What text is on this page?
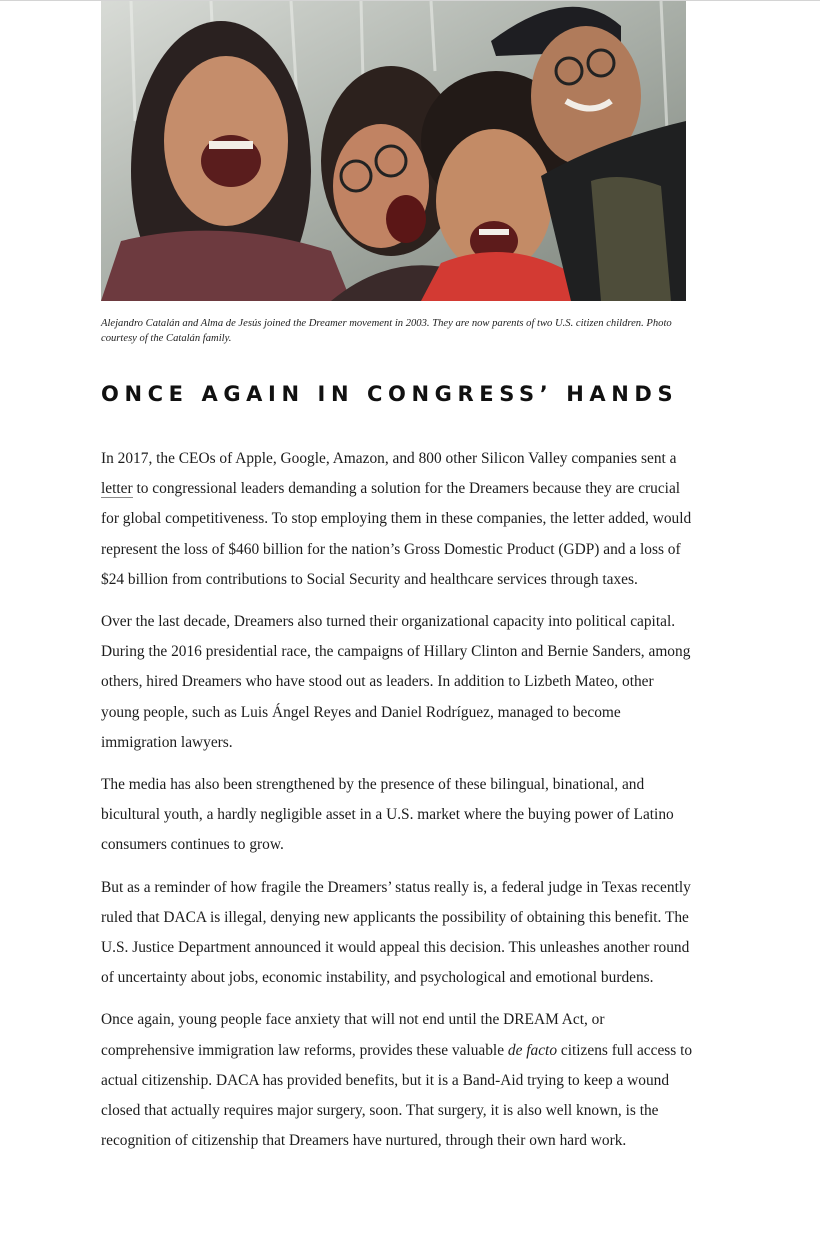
Alejandro Catalán and Alma de Jesús joined the Dreamer movement in 2003. They are now parents of two U.S. citizen children. Photo courtesy of the Catalán family.

ONCE AGAIN IN CONGRESS’ HANDS

In 2017, the CEOs of Apple, Google, Amazon, and 800 other Silicon Valley companies sent a letter to congressional leaders demanding a solution for the Dreamers because they are crucial for global competitiveness. To stop employing them in these companies, the letter added, would represent the loss of $460 billion for the nation’s Gross Domestic Product (GDP) and a loss of $24 billion from contributions to Social Security and healthcare services through taxes.

Over the last decade, Dreamers also turned their organizational capacity into political capital. During the 2016 presidential race, the campaigns of Hillary Clinton and Bernie Sanders, among others, hired Dreamers who have stood out as leaders. In addition to Lizbeth Mateo, other young people, such as Luis Ángel Reyes and Daniel Rodríguez, managed to become immigration lawyers.

The media has also been strengthened by the presence of these bilingual, binational, and bicultural youth, a hardly negligible asset in a U.S. market where the buying power of Latino consumers continues to grow.

But as a reminder of how fragile the Dreamers’ status really is, a federal judge in Texas recently ruled that DACA is illegal, denying new applicants the possibility of obtaining this benefit. The U.S. Justice Department announced it would appeal this decision. This unleashes another round of uncertainty about jobs, economic instability, and psychological and emotional burdens.

Once again, young people face anxiety that will not end until the DREAM Act, or comprehensive immigration law reforms, provides these valuable de facto citizens full access to actual citizenship. DACA has provided benefits, but it is a Band-Aid trying to keep a wound closed that actually requires major surgery, soon. That surgery, it is also well known, is the recognition of citizenship that Dreamers have nurtured, through their own hard work.
